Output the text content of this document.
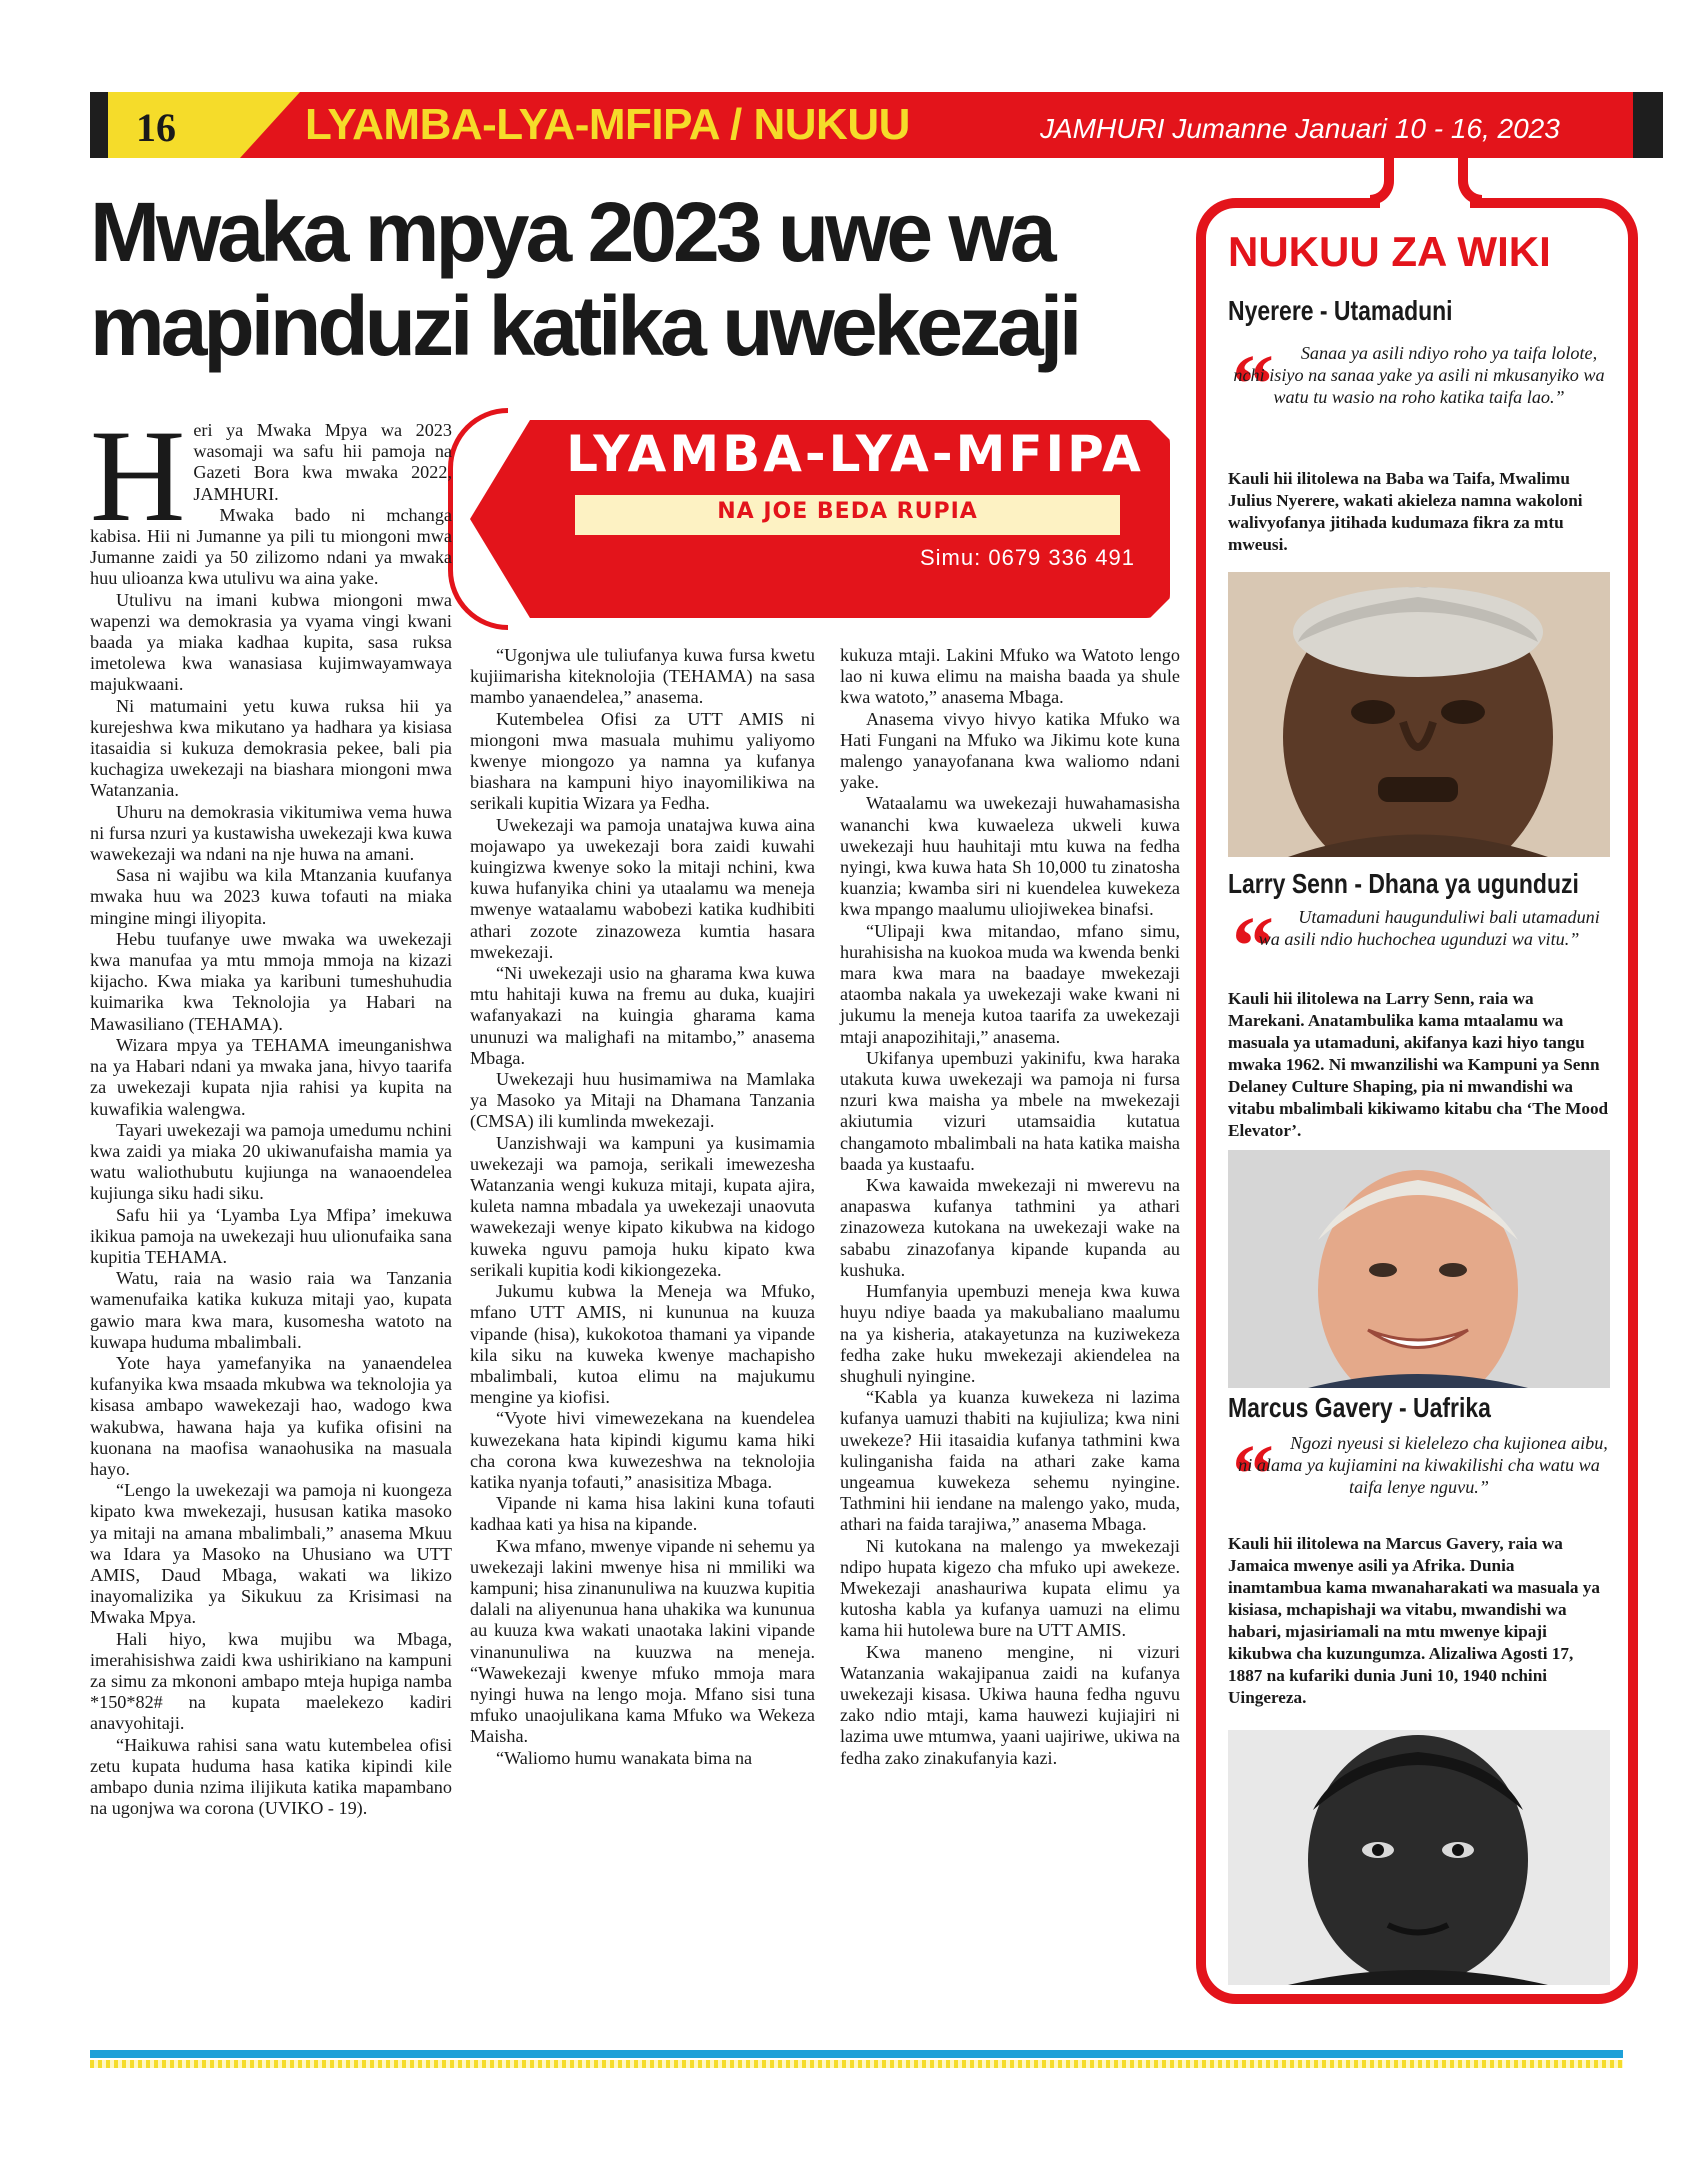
16	LYAMBA-LYA-MFIPA / NUKUU	JAMHURI Jumanne Januari 10 - 16, 2023
Mwaka mpya 2023 uwe wa mapinduzi katika uwekezaji
LYAMBA-LYA-MFIPA
NA JOE BEDA RUPIA
Simu: 0679 336 491
H eri ya Mwaka Mpya wa 2023 wasomaji wa safu hii pamoja na Gazeti Bora kwa mwaka 2022, JAMHURI.

Mwaka bado ni mchanga kabisa. Hii ni Jumanne ya pili tu miongoni mwa Jumanne zaidi ya 50 zilizomo ndani ya mwaka huu ulioanza kwa utulivu wa aina yake.

Utulivu na imani kubwa miongoni mwa wapenzi wa demokrasia ya vyama vingi kwani baada ya miaka kadhaa kupita, sasa ruksa imetolewa kwa wanasiasa kujimwayamwaya majukwaani.

Ni matumaini yetu kuwa ruksa hii ya kurejeshwa kwa mikutano ya hadhara ya kisiasa itasaidia si kukuza demokrasia pekee, bali pia kuchagiza uwekezaji na biashara miongoni mwa Watanzania.

Uhuru na demokrasia vikitumiwa vema huwa ni fursa nzuri ya kustawisha uwekezaji kwa kuwa wawekezaji wa ndani na nje huwa na amani.

Sasa ni wajibu wa kila Mtanzania kuufanya mwaka huu wa 2023 kuwa tofauti na miaka mingine mingi iliyopita.

Hebu tuufanye uwe mwaka wa uwekezaji kwa manufaa ya mtu mmoja mmoja na kizazi kijacho. Kwa miaka ya karibuni tumeshuhudia kuimarika kwa Teknolojia ya Habari na Mawasiliano (TEHAMA).

Wizara mpya ya TEHAMA imeunganishwa na ya Habari ndani ya mwaka jana, hivyo taarifa za uwekezaji kupata njia rahisi ya kupita na kuwafikia walengwa.

Tayari uwekezaji wa pamoja umedumu nchini kwa zaidi ya miaka 20 ukiwanufaisha mamia ya watu waliothubutu kujiunga na wanaoendelea kujiunga siku hadi siku.

Safu hii ya ‘Lyamba Lya Mfipa’ imekuwa ikikua pamoja na uwekezaji huu ulionufaika sana kupitia TEHAMA.

Watu, raia na wasio raia wa Tanzania wamenufaika katika kukuza mitaji yao, kupata gawio mara kwa mara, kusomesha watoto na kuwapa huduma mbalimbali.

Yote haya yamefanyika na yanaendelea kufanyika kwa msaada mkubwa wa teknolojia ya kisasa ambapo wawekezaji hao, wadogo kwa wakubwa, hawana haja ya kufika ofisini na kuonana na maofisa wanaohusika na masuala hayo.

“Lengo la uwekezaji wa pamoja ni kuongeza kipato kwa mwekezaji, hususan katika masoko ya mitaji na amana mbalimbali,” anasema Mkuu wa Idara ya Masoko na Uhusiano wa UTT AMIS, Daud Mbaga, wakati wa likizo inayomalizika ya Sikukuu za Krisimasi na Mwaka Mpya.

Hali hiyo, kwa mujibu wa Mbaga, imerahisishwa zaidi kwa ushirikiano na kampuni za simu za mkononi ambapo mteja hupiga namba *150*82# na kupata maelekezo kadiri anavyohitaji.

“Haikuwa rahisi sana watu kutembelea ofisi zetu kupata huduma hasa katika kipindi kile ambapo dunia nzima ilijikuta katika mapambano na ugonjwa wa corona (UVIKO - 19).

“Ugonjwa ule tuliufanya kuwa fursa kwetu kujiimarisha kiteknolojia (TEHAMA) na sasa mambo yanaendelea,” anasema.

Kutembelea Ofisi za UTT AMIS ni miongoni mwa masuala muhimu yaliyomo kwenye miongozo ya namna ya kufanya biashara na kampuni hiyo inayomilikiwa na serikali kupitia Wizara ya Fedha.

Uwekezaji wa pamoja unatajwa kuwa aina mojawapo ya uwekezaji bora zaidi kuwahi kuingizwa kwenye soko la mitaji nchini, kwa kuwa hufanyika chini ya utaalamu wa meneja mwenye wataalamu wabobezi katika kudhibiti athari zozote zinazoweza kumtia hasara mwekezaji.

“Ni uwekezaji usio na gharama kwa kuwa mtu hahitaji kuwa na fremu au duka, kuajiri wafanyakazi na kuingia gharama kama ununuzi wa malighafi na mitambo,” anasema Mbaga.

Uwekezaji huu husimamiwa na Mamlaka ya Masoko ya Mitaji na Dhamana Tanzania (CMSA) ili kumlinda mwekezaji.

Uanzishwaji wa kampuni ya kusimamia uwekezaji wa pamoja, serikali imewezesha Watanzania wengi kukuza mitaji, kupata ajira, kuleta namna mbadala ya uwekezaji unaovuta wawekezaji wenye kipato kikubwa na kidogo kuweka nguvu pamoja huku kipato kwa serikali kupitia kodi kikiongezeka.

Jukumu kubwa la Meneja wa Mfuko, mfano UTT AMIS, ni kununua na kuuza vipande (hisa), kukokotoa thamani ya vipande kila siku na kuweka kwenye machapisho mbalimbali, kutoa elimu na majukumu mengine ya kiofisi.

“Vyote hivi vimewezekana na kuendelea kuwezekana hata kipindi kigumu kama hiki cha corona kwa kuwezeshwa na teknolojia katika nyanja tofauti,” anasisitiza Mbaga.

Vipande ni kama hisa lakini kuna tofauti kadhaa kati ya hisa na kipande.

Kwa mfano, mwenye vipande ni sehemu ya uwekezaji lakini mwenye hisa ni mmiliki wa kampuni; hisa zinanunuliwa na kuuzwa kupitia dalali na aliyenunua hana uhakika wa kununua au kuuza kwa wakati unaotaka lakini vipande vinanunuliwa na kuuzwa na meneja. “Wawekezaji kwenye mfuko mmoja mara nyingi huwa na lengo moja. Mfano sisi tuna mfuko unaojulikana kama Mfuko wa Wekeza Maisha.

“Waliomo humu wanakata bima na

kukuza mtaji. Lakini Mfuko wa Watoto lengo lao ni kuwa elimu na maisha baada ya shule kwa watoto,” anasema Mbaga.

Anasema vivyo hivyo katika Mfuko wa Hati Fungani na Mfuko wa Jikimu kote kuna malengo yanayofanana kwa waliomo ndani yake.

Wataalamu wa uwekezaji huwahamasisha wananchi kwa kuwaeleza ukweli kuwa uwekezaji huu hauhitaji mtu kuwa na fedha nyingi, kwa kuwa hata Sh 10,000 tu zinatosha kuanzia; kwamba siri ni kuendelea kuwekeza kwa mpango maalumu uliojiwekea binafsi.

“Ulipaji kwa mitandao, mfano simu, hurahisisha na kuokoa muda wa kwenda benki mara kwa mara na baadaye mwekezaji ataomba nakala ya uwekezaji wake kwani ni jukumu la meneja kutoa taarifa za uwekezaji mtaji anapozihitaji,” anasema.

Ukifanya upembuzi yakinifu, kwa haraka utakuta kuwa uwekezaji wa pamoja ni fursa nzuri kwa maisha ya mbele na mwekezaji akiutumia vizuri utamsaidia kutatua changamoto mbalimbali na hata katika maisha baada ya kustaafu.

Kwa kawaida mwekezaji ni mwerevu na anapaswa kufanya tathmini ya athari zinazoweza kutokana na uwekezaji wake na sababu zinazofanya kipande kupanda au kushuka.

Humfanyia upembuzi meneja kwa kuwa huyu ndiye baada ya makubaliano maalumu na ya kisheria, atakayetunza na kuziwekeza fedha zake huku mwekezaji akiendelea na shughuli nyingine.

“Kabla ya kuanza kuwekeza ni lazima kufanya uamuzi thabiti na kujiuliza; kwa nini uwekeze? Hii itasaidia kufanya tathmini kwa kulinganisha faida na athari zake kama ungeamua kuwekeza sehemu nyingine. Tathmini hii iendane na malengo yako, muda, athari na faida tarajiwa,” anasema Mbaga.

Ni kutokana na malengo ya mwekezaji ndipo hupata kigezo cha mfuko upi awekeze. Mwekezaji anashauriwa kupata elimu ya kutosha kabla ya kufanya uamuzi na elimu kama hii hutolewa bure na UTT AMIS.

Kwa maneno mengine, ni vizuri Watanzania wakajipanua zaidi na kufanya uwekezaji kisasa. Ukiwa hauna fedha nguvu zako ndio mtaji, kama hauwezi kujiajiri ni lazima uwe mtumwa, yaani uajiriwe, ukiwa na fedha zako zinakufanyia kazi.

NUKUU ZA WIKI
Nyerere - Utamaduni
“	Sanaa ya asili ndiyo roho ya taifa lolote, nchi isiyo na sanaa yake ya asili ni mkusanyiko wa watu tu wasio na roho katika taifa lao.”
Kauli hii ilitolewa na Baba wa Taifa, Mwalimu Julius Nyerere, wakati akieleza namna wakoloni walivyofanya jitihada kudumaza fikra za mtu mweusi.
Larry Senn - Dhana ya ugunduzi
“	Utamaduni haugunduliwi bali utamaduni wa asili ndio huchochea ugunduzi wa vitu.”
Kauli hii ilitolewa na Larry Senn, raia wa Marekani. Anatambulika kama mtaalamu wa masuala ya utamaduni, akifanya kazi hiyo tangu mwaka 1962. Ni mwanzilishi wa Kampuni ya Senn Delaney Culture Shaping, pia ni mwandishi wa vitabu mbalimbali kikiwamo kitabu cha ‘The Mood Elevator’.
Marcus Gavery - Uafrika
“ Ngozi nyeusi si kielelezo cha kujionea aibu, ni alama ya kujiamini na kiwakilishi cha watu wa taifa lenye nguvu.”
Kauli hii ilitolewa na Marcus Gavery, raia wa Jamaica mwenye asili ya Afrika. Dunia inamtambua kama mwanaharakati wa masuala ya kisiasa, mchapishaji wa vitabu, mwandishi wa habari, mjasiriamali na mtu mwenye kipaji kikubwa cha kuzungumza. Alizaliwa Agosti 17, 1887 na kufariki dunia Juni 10, 1940 nchini Uingereza.
